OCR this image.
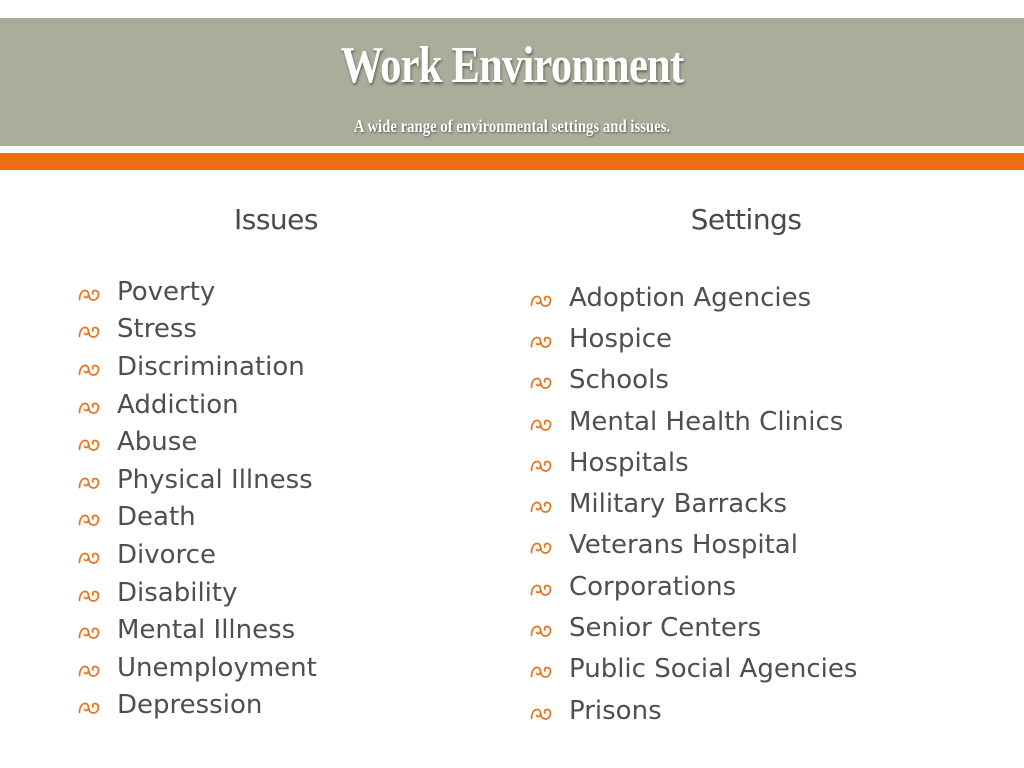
Work Environment
A wide range of environmental settings and issues.
Issues	Settings
Poverty
Stress
Discrimination
Addiction
Abuse
Physical Illness
Death
Divorce
Disability
Mental Illness
Unemployment
Depression
Adoption Agencies
Hospice
Schools
Mental Health Clinics
Hospitals
Military Barracks
Veterans Hospital
Corporations
Senior Centers
Public Social Agencies
Prisons
